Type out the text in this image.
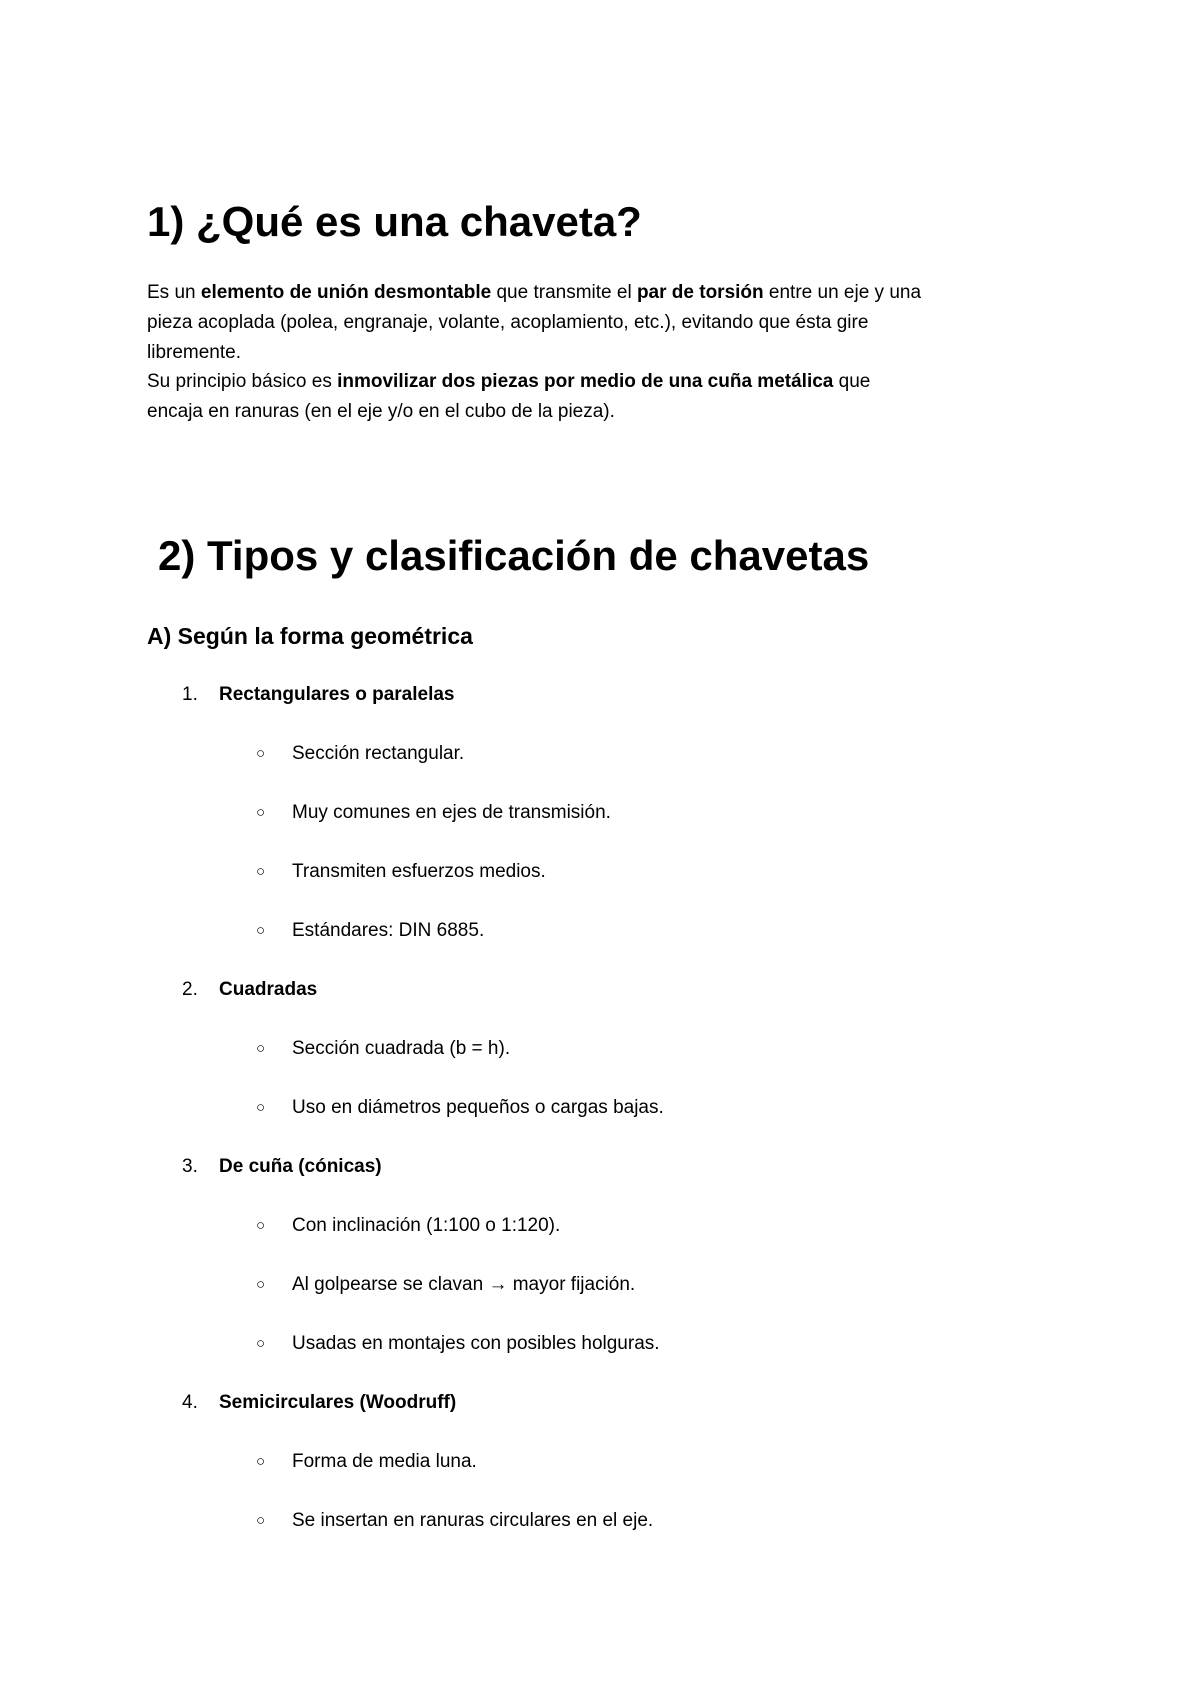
1) ¿Qué es una chaveta?

Es un elemento de unión desmontable que transmite el par de torsión entre un eje y una

pieza acoplada (polea, engranaje, volante, acoplamiento, etc.), evitando que ésta gire

libremente.

Su principio básico es inmovilizar dos piezas por medio de una cuña metálica que

encaja en ranuras (en el eje y/o en el cubo de la pieza).

2) Tipos y clasificación de chavetas
A) Según la forma geométrica
1. Rectangulares o paralelas
○ Sección rectangular.
○ Muy comunes en ejes de transmisión.
○ Transmiten esfuerzos medios.
○ Estándares: DIN 6885.
2. Cuadradas
○ Sección cuadrada (b = h).
○ Uso en diámetros pequeños o cargas bajas.
3. De cuña (cónicas)
○ Con inclinación (1:100 o 1:120).
○ Al golpearse se clavan → mayor fijación.
○ Usadas en montajes con posibles holguras.
4. Semicirculares (Woodruff)
○ Forma de media luna.
○ Se insertan en ranuras circulares en el eje.
